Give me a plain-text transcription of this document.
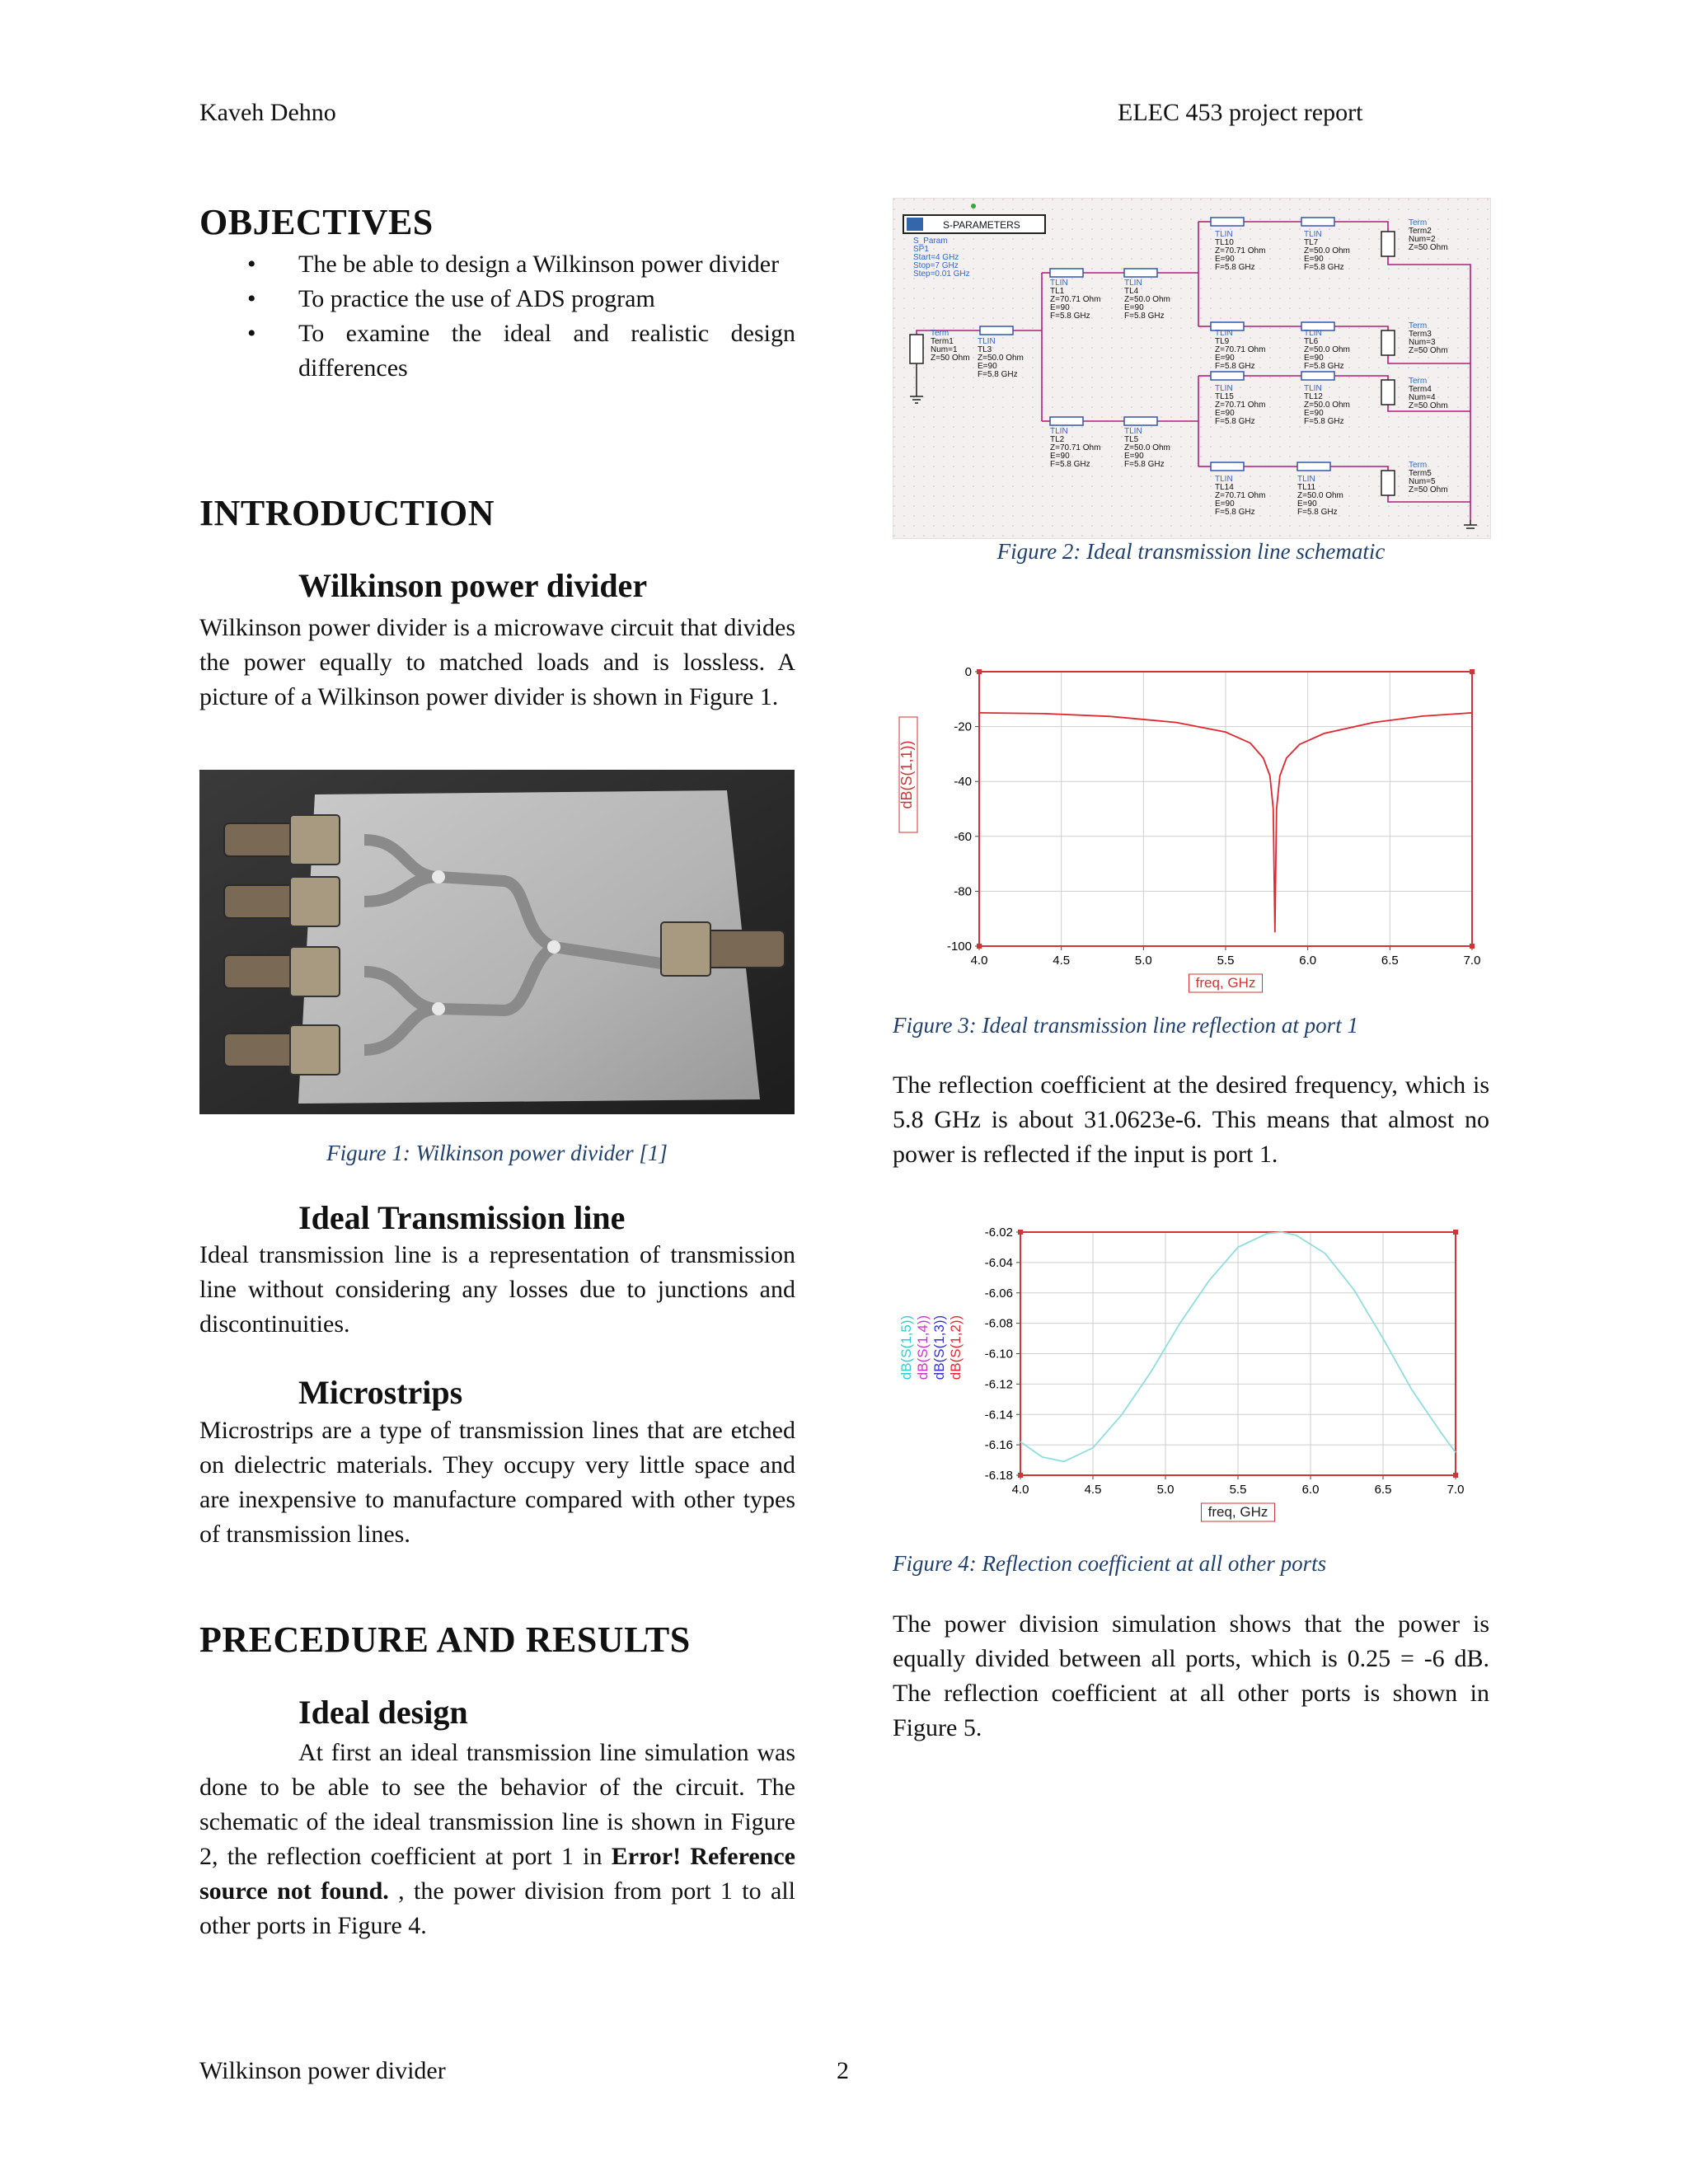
Kaveh Dehno	ELEC 453 project report
OBJECTIVES
• The be able to design a Wilkinson power divider
• To practice the use of ADS program
• To examine the ideal and realistic design differences
INTRODUCTION
Wilkinson power divider
Wilkinson power divider is a microwave circuit that divides the power equally to matched loads and is lossless. A picture of a Wilkinson power divider is shown in Figure 1.
Figure 1: Wilkinson power divider [1]
Ideal Transmission line
Ideal transmission line is a representation of transmission line without considering any losses due to junctions and discontinuities.
Microstrips
Microstrips are a type of transmission lines that are etched on dielectric materials. They occupy very little space and are inexpensive to manufacture compared with other types of transmission lines.
PRECEDURE AND RESULTS
Ideal design
At first an ideal transmission line simulation was done to be able to see the behavior of the circuit. The schematic of the ideal transmission line is shown in Figure 2, the reflection coefficient at port 1 in Error! Reference source not found. , the power division from port 1 to all other ports in Figure 4.
S-PARAMETERS
S_Param
SP1
Start=4 GHz
Stop=7 GHz
Step=0.01 GHz
Term
Term1
Num=1
Z=50 Ohm
TLIN
TL3
Z=50.0 Ohm
E=90
F=5.8 GHz
TLIN
TL1
Z=70.71 Ohm
E=90
F=5.8 GHz
TLIN
TL4
Z=50.0 Ohm
E=90
F=5.8 GHz
TLIN
TL2
Z=70.71 Ohm
E=90
F=5.8 GHz
TLIN
TL5
Z=50.0 Ohm
E=90
F=5.8 GHz
TLIN
TL10
Z=70.71 Ohm
E=90
F=5.8 GHz
TLIN
TL7
Z=50.0 Ohm
E=90
F=5.8 GHz
TLIN
TL9
Z=70.71 Ohm
E=90
F=5.8 GHz
TLIN
TL6
Z=50.0 Ohm
E=90
F=5.8 GHz
TLIN
TL15
Z=70.71 Ohm
E=90
F=5.8 GHz
TLIN
TL12
Z=50.0 Ohm
E=90
F=5.8 GHz
TLIN
TL14
Z=70.71 Ohm
E=90
F=5.8 GHz
TLIN
TL11
Z=50.0 Ohm
E=90
F=5.8 GHz
Term
Term2
Num=2
Z=50 Ohm
Term
Term3
Num=3
Z=50 Ohm
Term
Term4
Num=4
Z=50 Ohm
Term
Term5
Num=5
Z=50 Ohm
Figure 2: Ideal transmission line schematic
4.0	4.5	5.0	5.5	6.0	6.5	7.0
0
-20
-40
-60
-80
-100
freq, GHz
dB(S(1,1))
Figure 3: Ideal transmission line reflection at port 1
The reflection coefficient at the desired frequency, which is 5.8 GHz is about 31.0623e-6. This means that almost no power is reflected if the input is port 1.
4.0	4.5	5.0	5.5	6.0	6.5	7.0
-6.02
-6.04
-6.06
-6.08
-6.10
-6.12
-6.14
-6.16
-6.18
freq, GHz
dB(S(1,5)) dB(S(1,4)) dB(S(1,3)) dB(S(1,2))
Figure 4: Reflection coefficient at all other ports
The power division simulation shows that the power is equally divided between all ports, which is 0.25 = -6 dB. The reflection coefficient at all other ports is shown in Figure 5.
Wilkinson power divider	2
